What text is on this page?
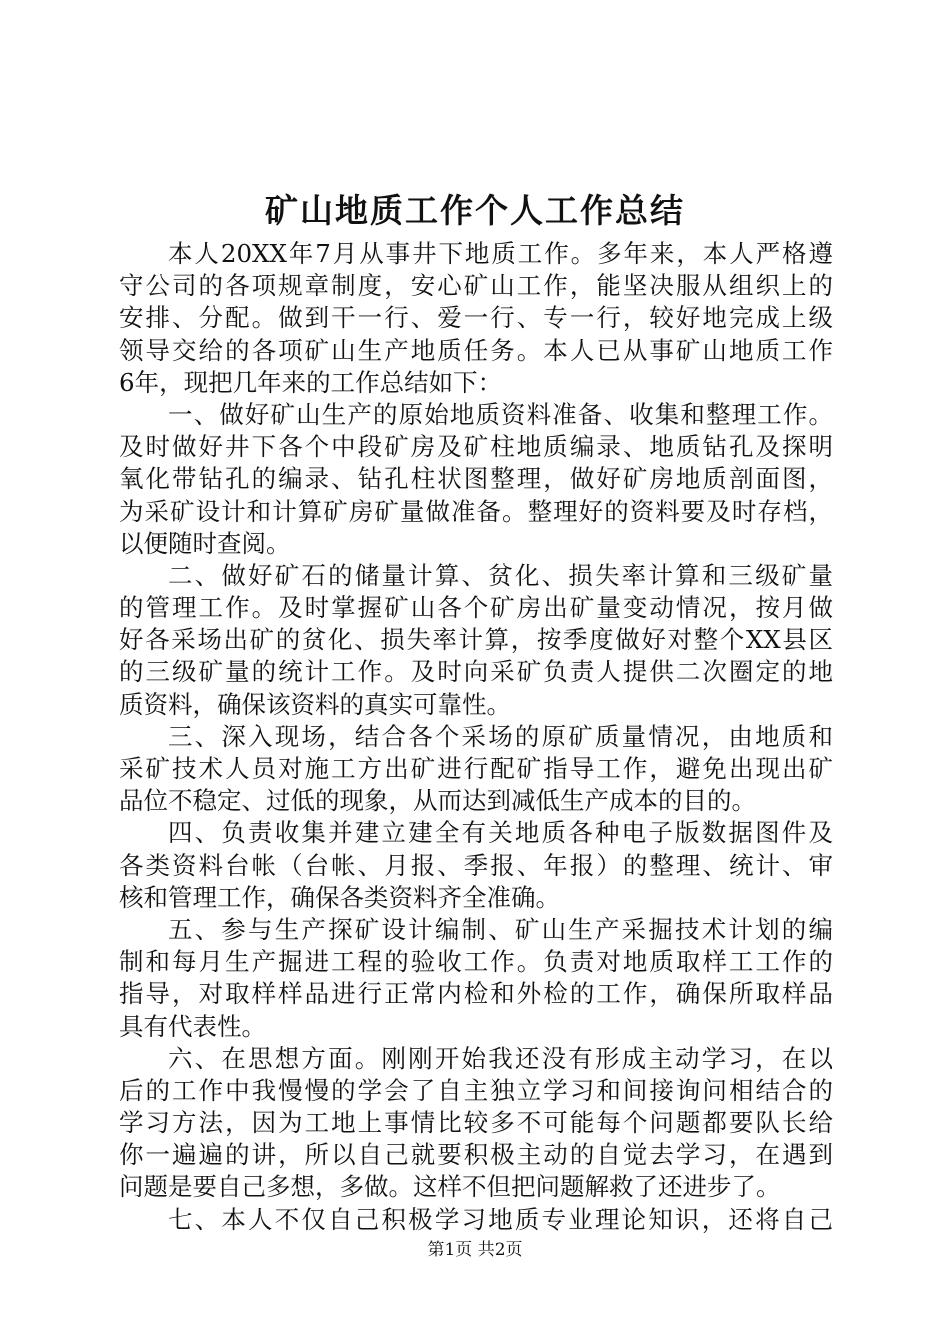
矿山地质工作个人工作总结
本人20XX年7月从事井下地质工作。多年来，本人严格遵
守公司的各项规章制度，安心矿山工作，能坚决服从组织上的
安排、分配。做到干一行、爱一行、专一行，较好地完成上级
领导交给的各项矿山生产地质任务。本人已从事矿山地质工作
6年，现把几年来的工作总结如下：
一、做好矿山生产的原始地质资料准备、收集和整理工作。
及时做好井下各个中段矿房及矿柱地质编录、地质钻孔及探明
氧化带钻孔的编录、钻孔柱状图整理，做好矿房地质剖面图，
为采矿设计和计算矿房矿量做准备。整理好的资料要及时存档，
以便随时查阅。
二、做好矿石的储量计算、贫化、损失率计算和三级矿量
的管理工作。及时掌握矿山各个矿房出矿量变动情况，按月做
好各采场出矿的贫化、损失率计算，按季度做好对整个XX县区
的三级矿量的统计工作。及时向采矿负责人提供二次圈定的地
质资料，确保该资料的真实可靠性。
三、深入现场，结合各个采场的原矿质量情况，由地质和
采矿技术人员对施工方出矿进行配矿指导工作，避免出现出矿
品位不稳定、过低的现象，从而达到减低生产成本的目的。
四、负责收集并建立建全有关地质各种电子版数据图件及
各类资料台帐（台帐、月报、季报、年报）的整理、统计、审
核和管理工作，确保各类资料齐全准确。
五、参与生产探矿设计编制、矿山生产采掘技术计划的编
制和每月生产掘进工程的验收工作。负责对地质取样工工作的
指导，对取样样品进行正常内检和外检的工作，确保所取样品
具有代表性。
六、在思想方面。刚刚开始我还没有形成主动学习，在以
后的工作中我慢慢的学会了自主独立学习和间接询问相结合的
学习方法，因为工地上事情比较多不可能每个问题都要队长给
你一遍遍的讲，所以自己就要积极主动的自觉去学习，在遇到
问题是要自己多想，多做。这样不但把问题解救了还进步了。
七、本人不仅自己积极学习地质专业理论知识，还将自己
第1页 共2页
